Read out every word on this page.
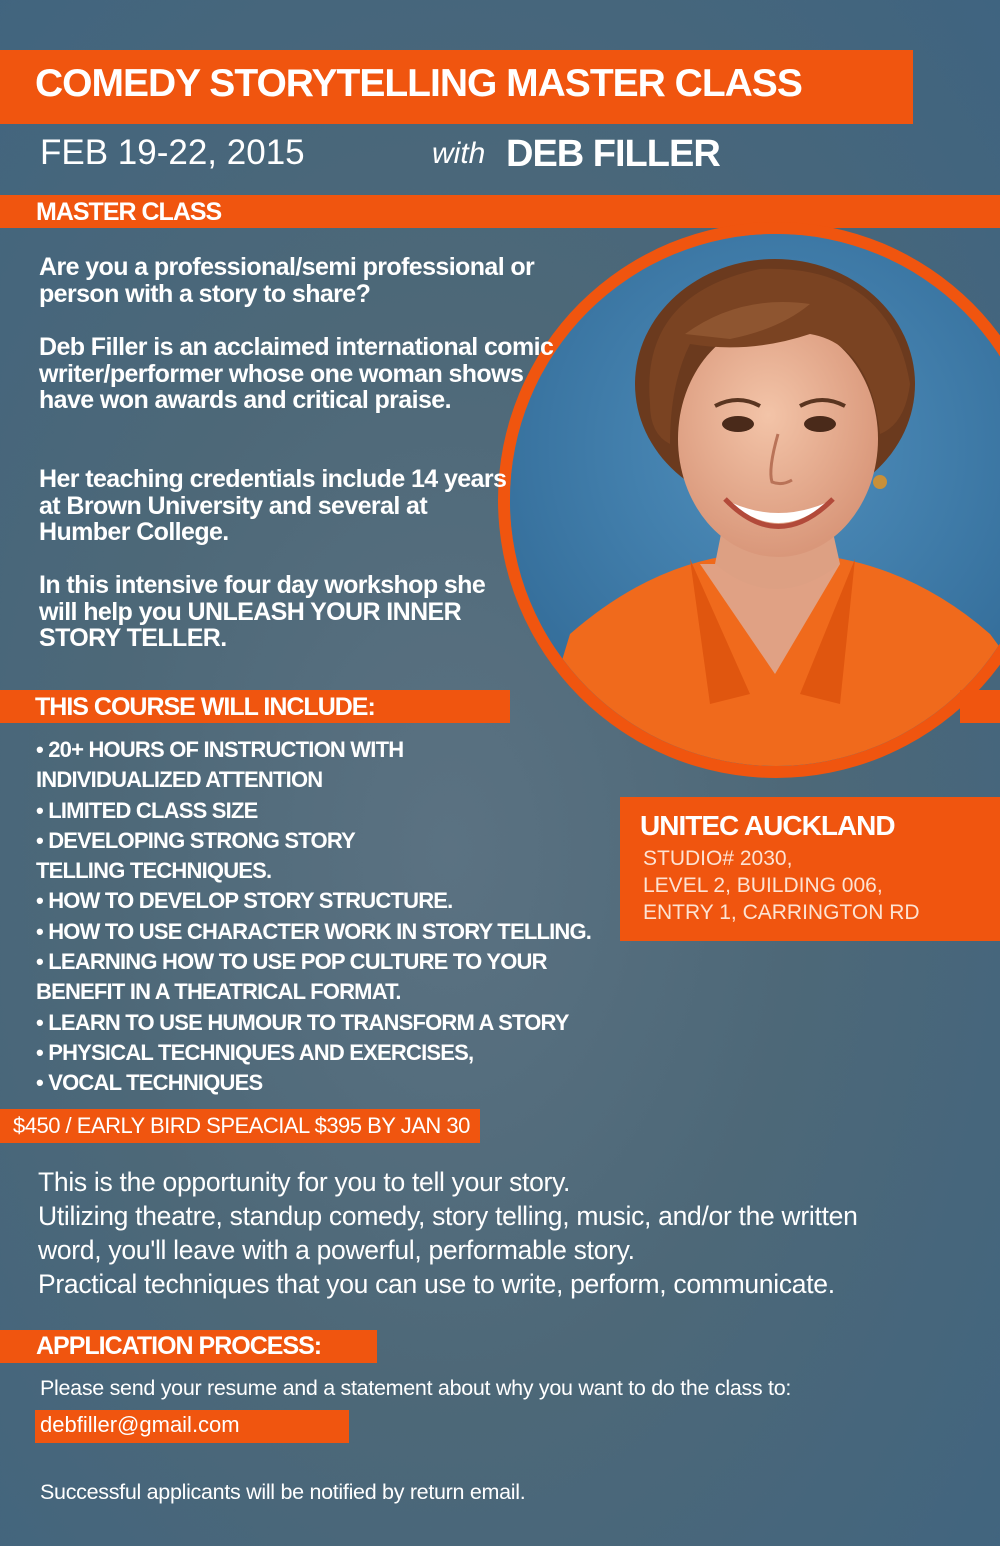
COMEDY STORYTELLING MASTER CLASS
FEB 19-22, 2015	with DEB FILLER
MASTER CLASS
Are you a professional/semi professional or person with a story to share?
Deb Filler is an acclaimed international comic writer/performer whose one woman shows have won awards and critical praise.
Her teaching credentials include 14 years at Brown University and several at Humber College.
In this intensive four day workshop she will help you UNLEASH YOUR INNER STORY TELLER.
THIS COURSE WILL INCLUDE:
• 20+ HOURS OF INSTRUCTION WITH
INDIVIDUALIZED ATTENTION
• LIMITED CLASS SIZE
• DEVELOPING STRONG STORY
TELLING TECHNIQUES.
• HOW TO DEVELOP STORY STRUCTURE.
• HOW TO USE CHARACTER WORK IN STORY TELLING.
• LEARNING HOW TO USE POP CULTURE TO YOUR
BENEFIT IN A THEATRICAL FORMAT.
• LEARN TO USE HUMOUR TO TRANSFORM A STORY
• PHYSICAL TECHNIQUES AND EXERCISES,
• VOCAL TECHNIQUES
UNITEC AUCKLAND
STUDIO# 2030,
LEVEL 2, BUILDING 006,
ENTRY 1, CARRINGTON RD
$450 / EARLY BIRD SPEACIAL $395 BY JAN 30
This is the opportunity for you to tell your story.
Utilizing theatre, standup comedy, story telling, music, and/or the written
word, you'll leave with a powerful, performable story.
Practical techniques that you can use to write, perform, communicate.
APPLICATION PROCESS:
Please send your resume and a statement about why you want to do the class to:
debfiller@gmail.com
Successful applicants will be notified by return email.
